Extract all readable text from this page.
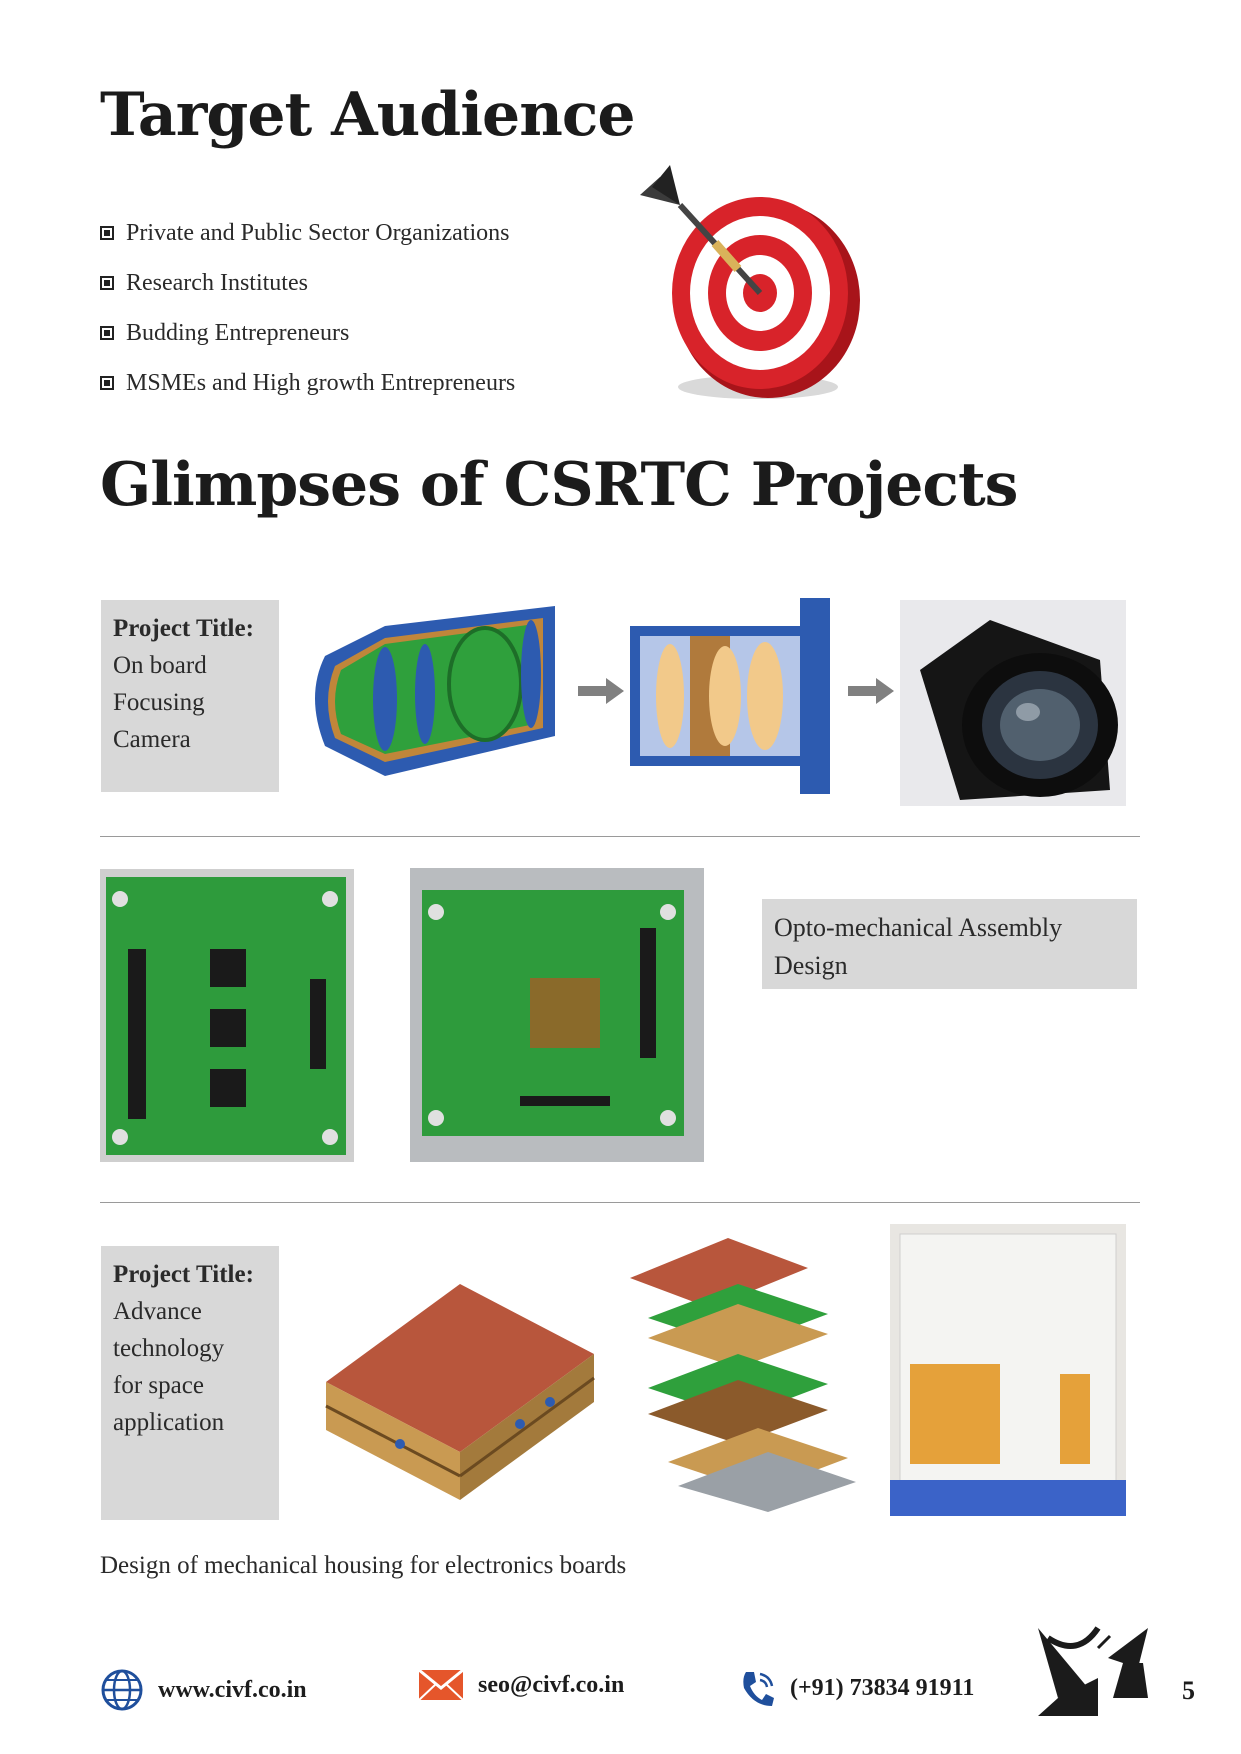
Target Audience
Private and Public Sector Organizations
Research Institutes
Budding Entrepreneurs
MSMEs and High growth Entrepreneurs
Glimpses of CSRTC Projects
Project Title:
On board
Focusing
Camera
Opto-mechanical Assembly
Design
Project Title:
Advance
technology
for space
application
Design of mechanical housing for electronics boards
www.civf.co.in	seo@civf.co.in	(+91) 73834 91911	5
